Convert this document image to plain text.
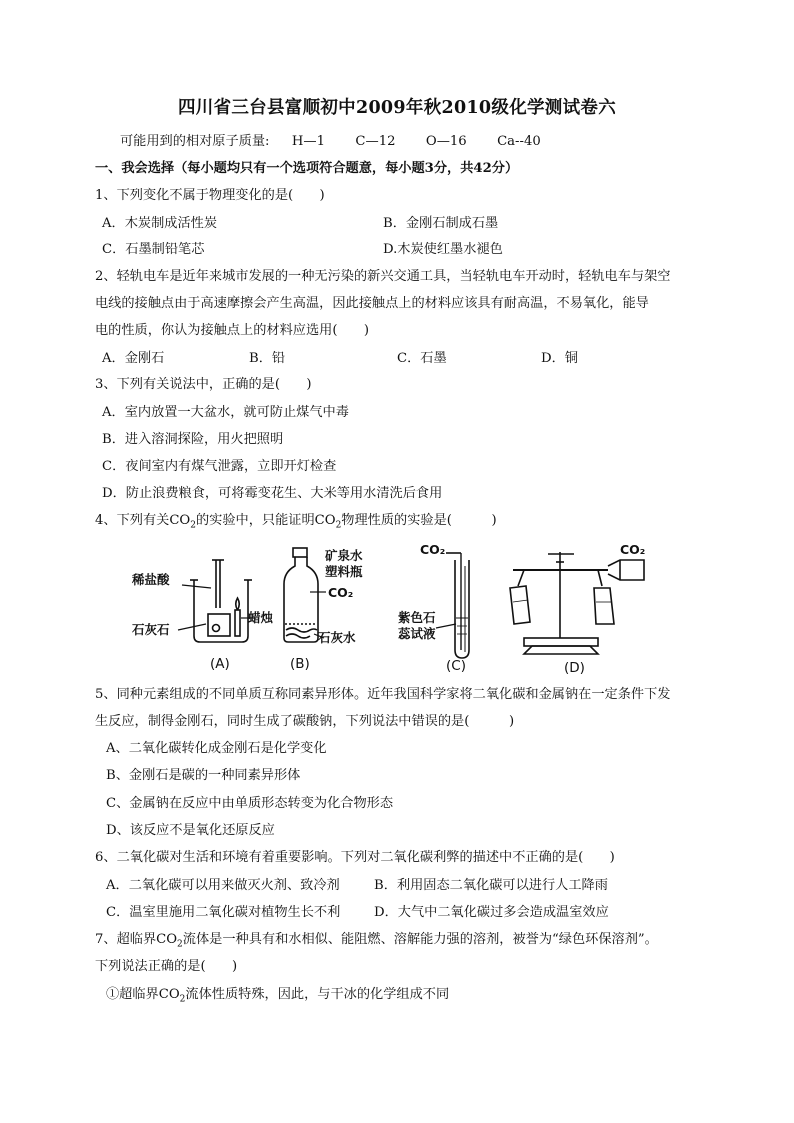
四川省三台县富顺初中2009年秋2010级化学测试卷六
可能用到的相对原子质量: H—1 C—12 O—16 Ca--40
一、我会选择（每小题均只有一个选项符合题意，每小题3分，共42分）
1、下列变化不属于物理变化的是(　　)
A．木炭制成活性炭	B．金刚石制成石墨
C．石墨制铅笔芯	D.木炭使红墨水褪色
2、轻轨电车是近年来城市发展的一种无污染的新兴交通工具，当轻轨电车开动时，轻轨电车与架空
电线的接触点由于高速摩擦会产生高温，因此接触点上的材料应该具有耐高温，不易氧化，能导
电的性质，你认为接触点上的材料应选用(　　)
A．金刚石	B．铅	C．石墨	D．铜
3、下列有关说法中，正确的是(　　)
A．室内放置一大盆水，就可防止煤气中毒
B．进入溶洞探险，用火把照明
C．夜间室内有煤气泄露，立即开灯检查
D．防止浪费粮食，可将霉变花生、大米等用水清洗后食用
4、下列有关$CO_2$的实验中，只能证明$CO_2$物理性质的实验是(　　　)
稀盐酸
石灰石
蜡烛
(A)
矿泉水
塑料瓶
CO₂
石灰水
(B)
CO₂
紫色石
蕊试液
(C)
CO₂
(D)
5、同种元素组成的不同单质互称同素异形体。近年我国科学家将二氧化碳和金属钠在一定条件下发
生反应，制得金刚石，同时生成了碳酸钠，下列说法中错误的是(　　　)
A、二氧化碳转化成金刚石是化学变化
B、金刚石是碳的一种同素异形体
C、金属钠在反应中由单质形态转变为化合物形态
D、该反应不是氧化还原反应
6、二氧化碳对生活和环境有着重要影响。下列对二氧化碳利弊的描述中不正确的是(　　)
A．二氧化碳可以用来做灭火剂、致冷剂	B．利用固态二氧化碳可以进行人工降雨
C．温室里施用二氧化碳对植物生长不利	D．大气中二氧化碳过多会造成温室效应
7、超临界$CO_2$流体是一种具有和水相似、能阻燃、溶解能力强的溶剂，被誉为“绿色环保溶剂”。
下列说法正确的是(　　)
①超临界$CO_2$流体性质特殊，因此，与干冰的化学组成不同
